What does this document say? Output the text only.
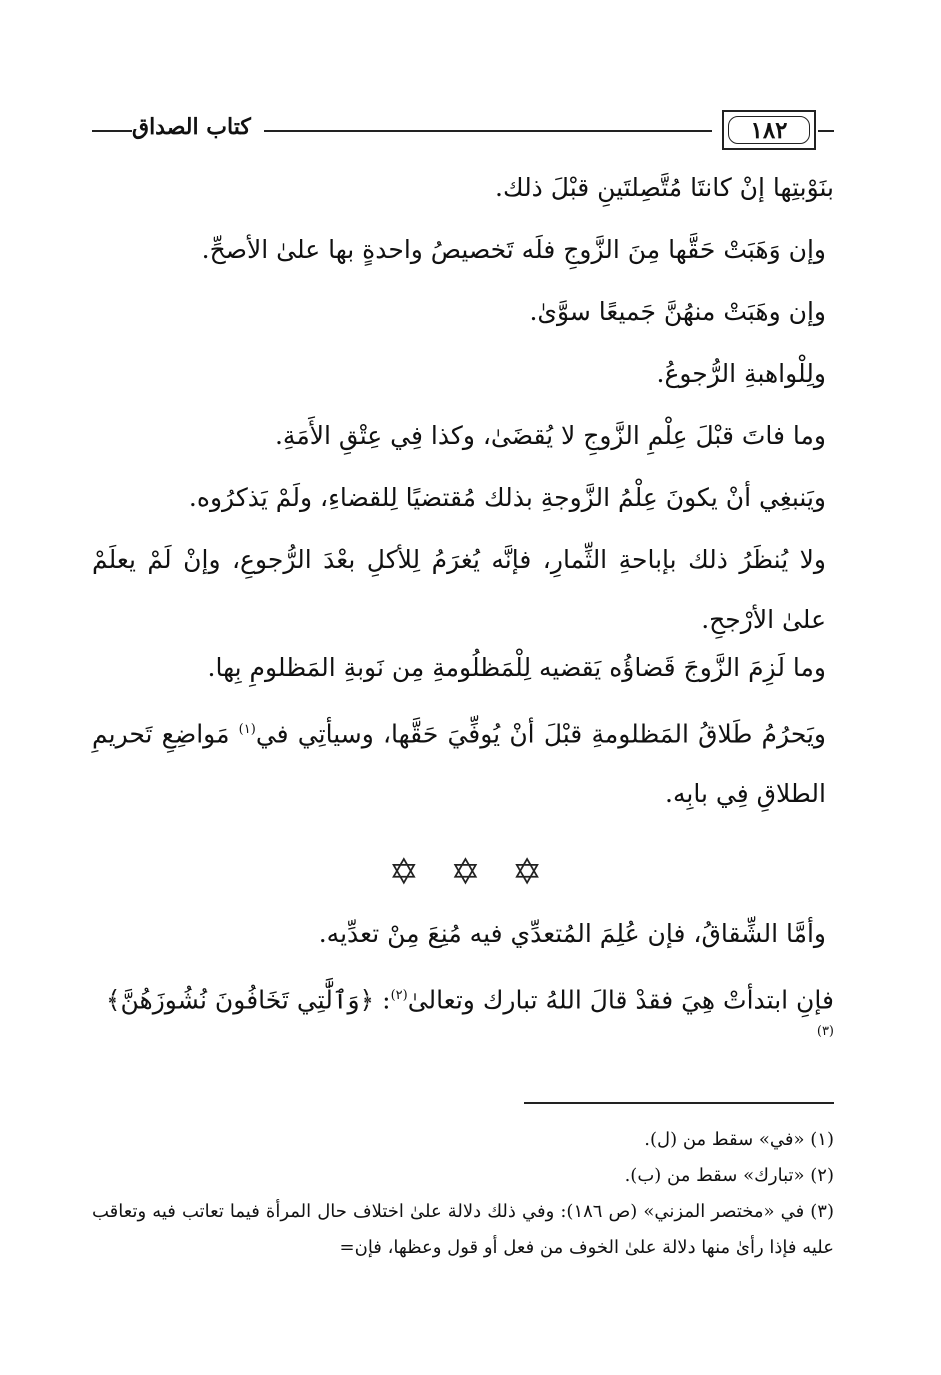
كتاب الصداق	١٨٢

بنَوْبتِها إنْ كانتَا مُتَّصِلتَينِ قبْلَ ذلك.

وإن وَهَبَتْ حَقَّها مِنَ الزَّوجِ فلَه تَخصيصُ واحدةٍ بها علىٰ الأصحِّ.

وإن وهَبَتْ منهُنَّ جَميعًا سوَّىٰ.

ولِلْواهبةِ الرُّجوعُ.

وما فاتَ قبْلَ عِلْمِ الزَّوجِ لا يُقضَىٰ، وكذا فِي عِتْقِ الأَمَةِ.

ويَنبغِي أنْ يكونَ عِلْمُ الزَّوجةِ بذلك مُقتضيًا لِلقضاءِ، ولَمْ يَذكرُوه.

ولا يُنظَرُ ذلك بإباحةِ الثِّمارِ، فإنَّه يُغرَمُ لِلأكلِ بعْدَ الرُّجوعِ، وإنْ لَمْ يعلَمْ علىٰ الأرْجحِ.

وما لَزِمَ الزَّوجَ قَضاؤُه يَقضيه لِلْمَظلُومةِ مِن نَوبةِ المَظلومِ بِها.

ويَحرُمُ طَلاقُ المَظلومةِ قبْلَ أنْ يُوفِّيَ حَقَّها، وسيأتِي في$^{(١)}$ مَواضِعِ تَحريمِ الطلاقِ فِي بابِه.

✡ ✡ ✡

وأمَّا الشِّقاقُ، فإن عُلِمَ المُتعدِّي فيه مُنِعَ مِنْ تعدِّيه.

فإنِ ابتدأتْ هِيَ فقدْ قالَ اللهُ تبارك وتعالىٰ$^{(٢)}$: ﴿وَٱلَّٰتِي تَخَافُونَ نُشُوزَهُنَّ﴾$^{(٣)}$

(١) «في» سقط من (ل).

(٢) «تبارك» سقط من (ب).

(٣) في «مختصر المزني» (ص ١٨٦): وفي ذلك دلالة علىٰ اختلاف حال المرأة فيما تعاتب فيه وتعاقب عليه فإذا رأىٰ منها دلالة علىٰ الخوف من فعل أو قول وعظها، فإن=
